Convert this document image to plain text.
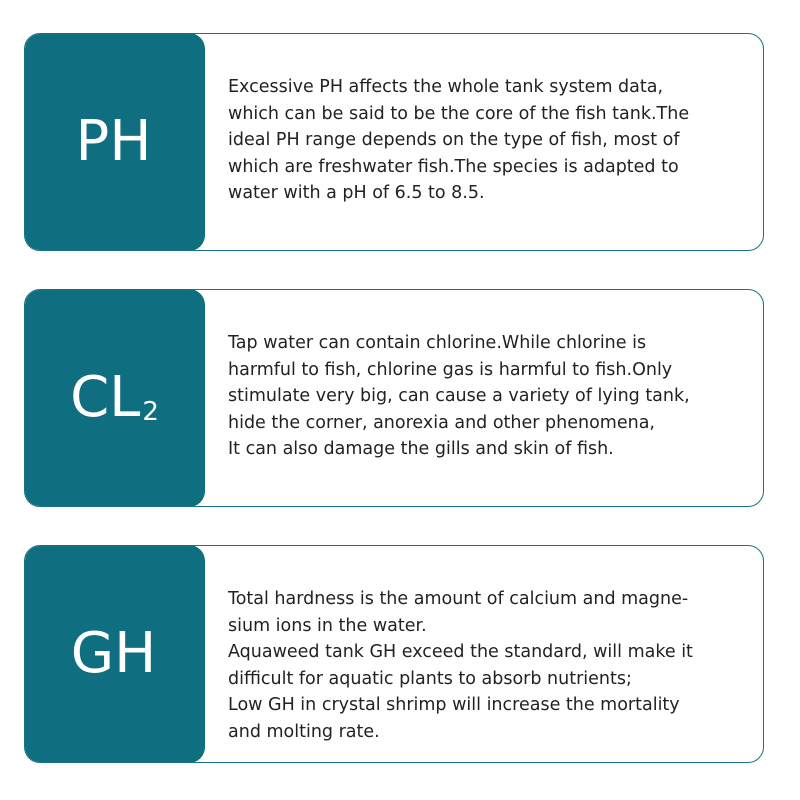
PH

Excessive PH affects the whole tank system data,
which can be said to be the core of the fish tank.The
ideal PH range depends on the type of fish, most of
which are freshwater fish.The species is adapted to
water with a pH of 6.5 to 8.5.

CL2

Tap water can contain chlorine.While chlorine is
harmful to fish, chlorine gas is harmful to fish.Only
stimulate very big, can cause a variety of lying tank,
hide the corner, anorexia and other phenomena,
It can also damage the gills and skin of fish.

GH

Total hardness is the amount of calcium and magne-
sium ions in the water.
Aquaweed tank GH exceed the standard, will make it
difficult for aquatic plants to absorb nutrients;
Low GH in crystal shrimp will increase the mortality
and molting rate.
